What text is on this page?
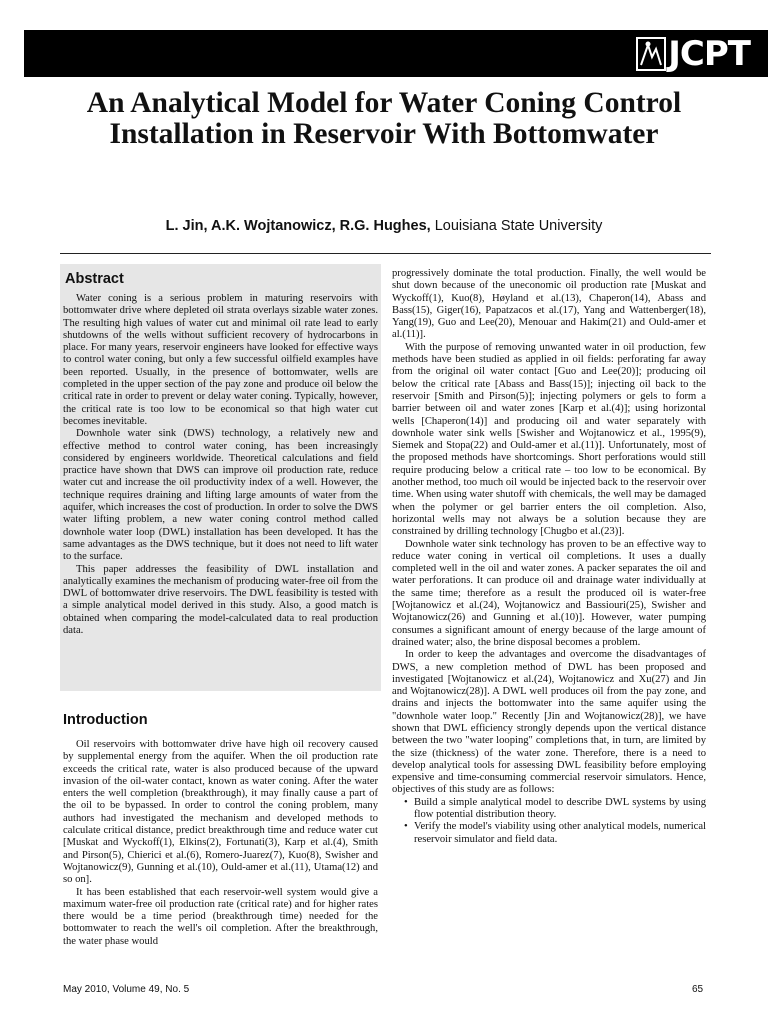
JCPT
An Analytical Model for Water Coning Control Installation in Reservoir With Bottomwater
L. Jin, A.K. Wojtanowicz, R.G. Hughes, Louisiana State University
Abstract

Water coning is a serious problem in maturing reservoirs with bottomwater drive where depleted oil strata overlays sizable water zones. The resulting high values of water cut and minimal oil rate lead to early shutdowns of the wells without sufficient recovery of hydrocarbons in place. For many years, reservoir engineers have looked for effective ways to control water coning, but only a few successful oilfield examples have been reported. Usually, in the presence of bottomwater, wells are completed in the upper section of the pay zone and produce oil below the critical rate in order to prevent or delay water coning. Typically, however, the critical rate is too low to be economical so that high water cut becomes inevitable.

Downhole water sink (DWS) technology, a relatively new and effective method to control water coning, has been increasingly considered by engineers worldwide. Theoretical calculations and field practice have shown that DWS can improve oil production rate, reduce water cut and increase the oil productivity index of a well. However, the technique requires draining and lifting large amounts of water from the aquifer, which increases the cost of production. In order to solve the DWS water lifting problem, a new water coning control method called downhole water loop (DWL) installation has been developed. It has the same advantages as the DWS technique, but it does not need to lift water to the surface.

This paper addresses the feasibility of DWL installation and analytically examines the mechanism of producing water-free oil from the DWL of bottomwater drive reservoirs. The DWL feasibility is tested with a simple analytical model derived in this study. Also, a good match is obtained when comparing the model-calculated data to real production data.

Introduction

Oil reservoirs with bottomwater drive have high oil recovery caused by supplemental energy from the aquifer. When the oil production rate exceeds the critical rate, water is also produced because of the upward invasion of the oil-water contact, known as water coning. After the water enters the well completion (breakthrough), it may finally cause a part of the oil to be bypassed. In order to control the coning problem, many authors had investigated the mechanism and developed methods to calculate critical distance, predict breakthrough time and reduce water cut [Muskat and Wyckoff(1), Elkins(2), Fortunati(3), Karp et al.(4), Smith and Pirson(5), Chierici et al.(6), Romero-Juarez(7), Kuo(8), Swisher and Wojtanowicz(9), Gunning et al.(10), Ould-amer et al.(11), Utama(12) and so on].

It has been established that each reservoir-well system would give a maximum water-free oil production rate (critical rate) and for higher rates there would be a time period (breakthrough time) needed for the bottomwater to reach the well's oil completion. After the breakthrough, the water phase would

progressively dominate the total production. Finally, the well would be shut down because of the uneconomic oil production rate [Muskat and Wyckoff(1), Kuo(8), Høyland et al.(13), Chaperon(14), Abass and Bass(15), Giger(16), Papatzacos et al.(17), Yang and Wattenberger(18), Yang(19), Guo and Lee(20), Menouar and Hakim(21) and Ould-amer et al.(11)].

With the purpose of removing unwanted water in oil production, few methods have been studied as applied in oil fields: perforating far away from the original oil water contact [Guo and Lee(20)]; producing oil below the critical rate [Abass and Bass(15)]; injecting oil back to the reservoir [Smith and Pirson(5)]; injecting polymers or gels to form a barrier between oil and water zones [Karp et al.(4)]; using horizontal wells [Chaperon(14)] and producing oil and water separately with downhole water sink wells [Swisher and Wojtanowicz et al., 1995(9), Siemek and Stopa(22) and Ould-amer et al.(11)]. Unfortunately, most of the proposed methods have shortcomings. Short perforations would still require producing below a critical rate – too low to be economical. By another method, too much oil would be injected back to the reservoir over time. When using water shutoff with chemicals, the well may be damaged when the polymer or gel barrier enters the oil completion. Also, horizontal wells may not always be a solution because they are constrained by drilling technology [Chugbo et al.(23)].

Downhole water sink technology has proven to be an effective way to reduce water coning in vertical oil completions. It uses a dually completed well in the oil and water zones. A packer separates the oil and water perforations. It can produce oil and drainage water individually at the same time; therefore as a result the produced oil is water-free [Wojtanowicz et al.(24), Wojtanowicz and Bassiouri(25), Swisher and Wojtanowicz(26) and Gunning et al.(10)]. However, water pumping consumes a significant amount of energy because of the large amount of drained water; also, the brine disposal becomes a problem.

In order to keep the advantages and overcome the disadvantages of DWS, a new completion method of DWL has been proposed and investigated [Wojtanowicz et al.(24), Wojtanowicz and Xu(27) and Jin and Wojtanowicz(28)]. A DWL well produces oil from the pay zone, and drains and injects the bottomwater into the same aquifer using the "downhole water loop." Recently [Jin and Wojtanowicz(28)], we have shown that DWL efficiency strongly depends upon the vertical distance between the two "water looping" completions that, in turn, are limited by the size (thickness) of the water zone. Therefore, there is a need to develop analytical tools for assessing DWL feasibility before employing expensive and time-consuming commercial reservoir simulators. Hence, objectives of this study are as follows:

• Build a simple analytical model to describe DWL systems by using flow potential distribution theory.
• Verify the model's viability using other analytical models, numerical reservoir simulator and field data.
May 2010, Volume 49, No. 5	65
